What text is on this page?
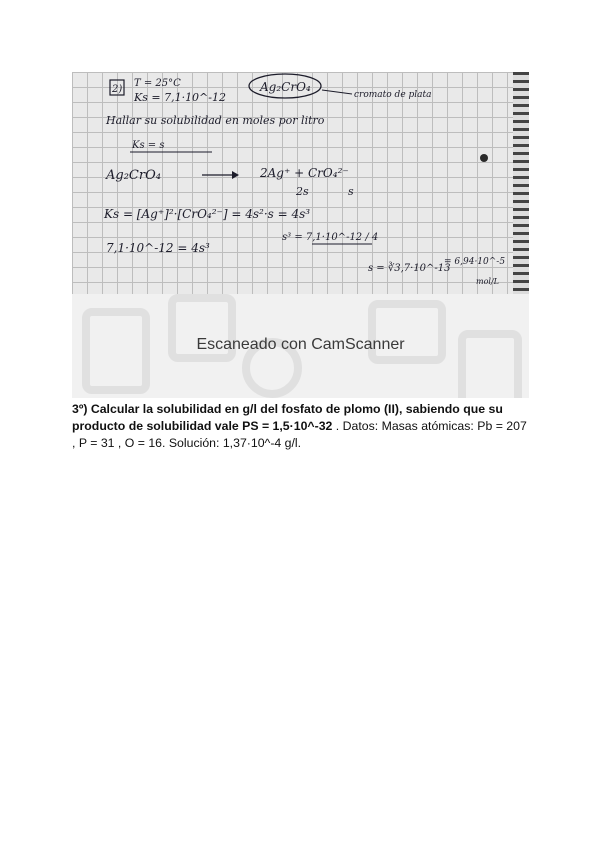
2)
T = 25°C
Ks = 7,1·10^-12
Ag₂CrO₄
cromato de plata
Hallar su solubilidad en moles por litro
Ks = s
Ag₂CrO₄	2Ag⁺ + CrO₄²⁻
2s	s
Ks = [Ag⁺]²·[CrO₄²⁻] = 4s²·s = 4s³
7,1·10^-12 = 4s³
s³ = 7,1·10^-12 / 4
s = ∛3,7·10^-13
= 6,94·10^-5
mol/L
Escaneado con CamScanner
3º) Calcular la solubilidad en g/l del fosfato de plomo (II), sabiendo que su producto de solubilidad vale PS = 1,5·10^-32 . Datos: Masas atómicas: Pb = 207 , P = 31 , O = 16. Solución: 1,37·10^-4 g/l.
